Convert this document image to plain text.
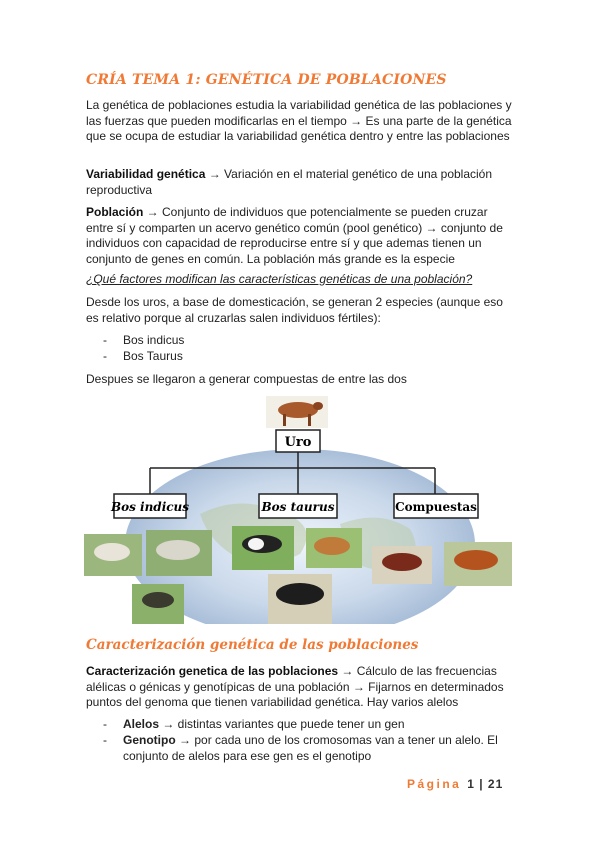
CRÍA TEMA 1: GENÉTICA DE POBLACIONES
La genética de poblaciones estudia la variabilidad genética de las poblaciones y las fuerzas que pueden modificarlas en el tiempo → Es una parte de la genética que se ocupa de estudiar la variabilidad genética dentro y entre las poblaciones
Variabilidad genética → Variación en el material genético de una población reproductiva
Población → Conjunto de individuos que potencialmente se pueden cruzar entre sí y comparten un acervo genético común (pool genético) → conjunto de individuos con capacidad de reproducirse entre sí y que ademas tienen un conjunto de genes en común. La población más grande es la especie
¿Qué factores modifican las características genéticas de una población?
Desde los uros, a base de domesticación, se generan 2 especies (aunque eso es relativo porque al cruzarlas salen individuos fértiles):
- Bos indicus
- Bos Taurus
Despues se llegaron a generar compuestas de entre las dos
Uro
Bos indicus	Bos taurus	Compuestas
Caracterización genética de las poblaciones
Caracterización genetica de las poblaciones → Cálculo de las frecuencias alélicas o génicas y genotípicas de una población → Fijarnos en determinados puntos del genoma que tienen variabilidad genética. Hay varios alelos
-	Alelos → distintas variantes que puede tener un gen
-	Genotipo → por cada uno de los cromosomas van a tener un alelo. El conjunto de alelos para ese gen es el genotipo
Página 1 | 21
